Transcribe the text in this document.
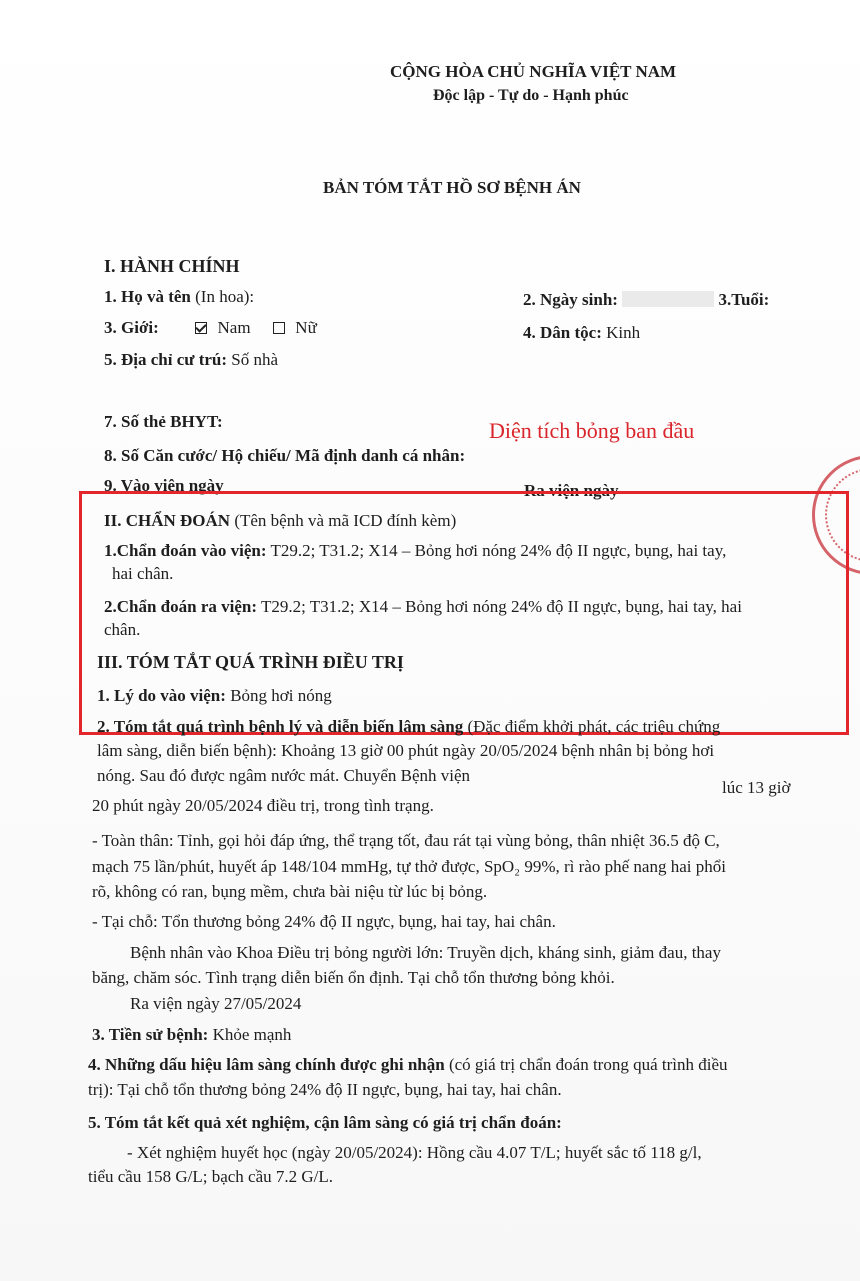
CỘNG HÒA CHỦ NGHĨA VIỆT NAM
Độc lập - Tự do - Hạnh phúc
BẢN TÓM TẮT HỒ SƠ BỆNH ÁN
I. HÀNH CHÍNH
1. Họ và tên (In hoa):	2. Ngày sinh:	3.Tuổi:
3. Giới:	Nam	Nữ	4. Dân tộc: Kinh
5. Địa chỉ cư trú: Số nhà
7. Số thẻ BHYT:
8. Số Căn cước/ Hộ chiếu/ Mã định danh cá nhân:
9. Vào viện ngày	Ra viện ngày
Diện tích bỏng ban đầu
II. CHẨN ĐOÁN (Tên bệnh và mã ICD đính kèm)
1.Chẩn đoán vào viện: T29.2; T31.2; X14 – Bỏng hơi nóng 24% độ II ngực, bụng, hai tay,
hai chân.
2.Chẩn đoán ra viện: T29.2; T31.2; X14 – Bỏng hơi nóng 24% độ II ngực, bụng, hai tay, hai
chân.
III. TÓM TẮT QUÁ TRÌNH ĐIỀU TRỊ
1. Lý do vào viện: Bỏng hơi nóng
2. Tóm tắt quá trình bệnh lý và diễn biến lâm sàng (Đặc điểm khởi phát, các triệu chứng
lâm sàng, diễn biến bệnh): Khoảng 13 giờ 00 phút ngày 20/05/2024 bệnh nhân bị bỏng hơi
nóng. Sau đó được ngâm nước mát. Chuyển Bệnh viện
lúc 13 giờ
20 phút ngày 20/05/2024 điều trị, trong tình trạng.
- Toàn thân: Tỉnh, gọi hỏi đáp ứng, thể trạng tốt, đau rát tại vùng bỏng, thân nhiệt 36.5 độ C,
mạch 75 lần/phút, huyết áp 148/104 mmHg, tự thở được, SpO₂ 99%, rì rào phế nang hai phổi
rõ, không có ran, bụng mềm, chưa bài niệu từ lúc bị bỏng.
- Tại chỗ: Tổn thương bỏng 24% độ II ngực, bụng, hai tay, hai chân.
Bệnh nhân vào Khoa Điều trị bỏng người lớn: Truyền dịch, kháng sinh, giảm đau, thay
băng, chăm sóc. Tình trạng diễn biến ổn định. Tại chỗ tổn thương bỏng khỏi.
Ra viện ngày 27/05/2024
3. Tiền sử bệnh: Khỏe mạnh
4. Những dấu hiệu lâm sàng chính được ghi nhận (có giá trị chẩn đoán trong quá trình điều
trị): Tại chỗ tổn thương bỏng 24% độ II ngực, bụng, hai tay, hai chân.
5. Tóm tắt kết quả xét nghiệm, cận lâm sàng có giá trị chẩn đoán:
- Xét nghiệm huyết học (ngày 20/05/2024): Hồng cầu 4.07 T/L; huyết sắc tố 118 g/l,
tiểu cầu 158 G/L; bạch cầu 7.2 G/L.
